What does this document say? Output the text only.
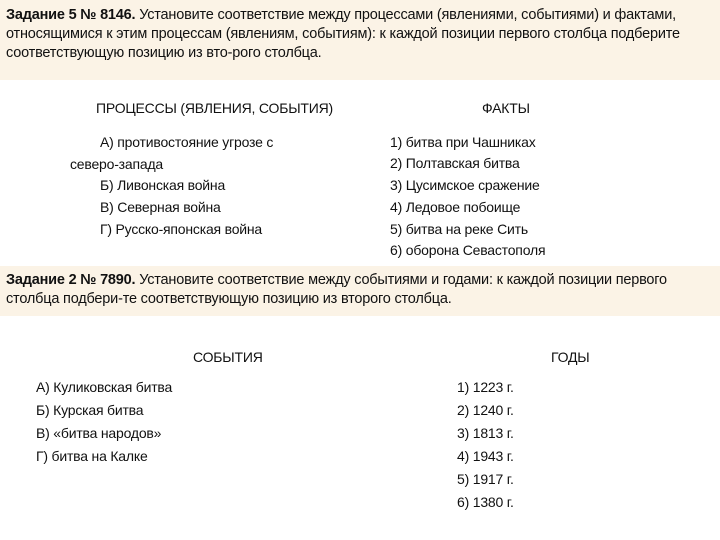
Задание 5 № 8146. Установите соответствие между процессами (явлениями, событиями) и фактами, относящимися к этим процессам (явлениям, событиям): к каждой позиции первого столбца подберите соответствующую позицию из вто-рого столбца.
ПРОЦЕССЫ (ЯВЛЕНИЯ, СОБЫТИЯ)	ФАКТЫ
А) противостояние угрозе с северо-запада
Б) Ливонская война
В) Северная война
Г) Русско-японская война
1) битва при Чашниках
2) Полтавская битва
3) Цусимское сражение
4) Ледовое побоище
5) битва на реке Сить
6) оборона Севастополя
Задание 2 № 7890. Установите соответствие между событиями и годами: к каждой позиции первого столбца подбери-те соответствующую позицию из второго столбца.
СОБЫТИЯ	ГОДЫ
А) Куликовская битва
Б) Курская битва
В) «битва народов»
Г) битва на Калке
1) 1223 г.
2) 1240 г.
3) 1813 г.
4) 1943 г.
5) 1917 г.
6) 1380 г.
